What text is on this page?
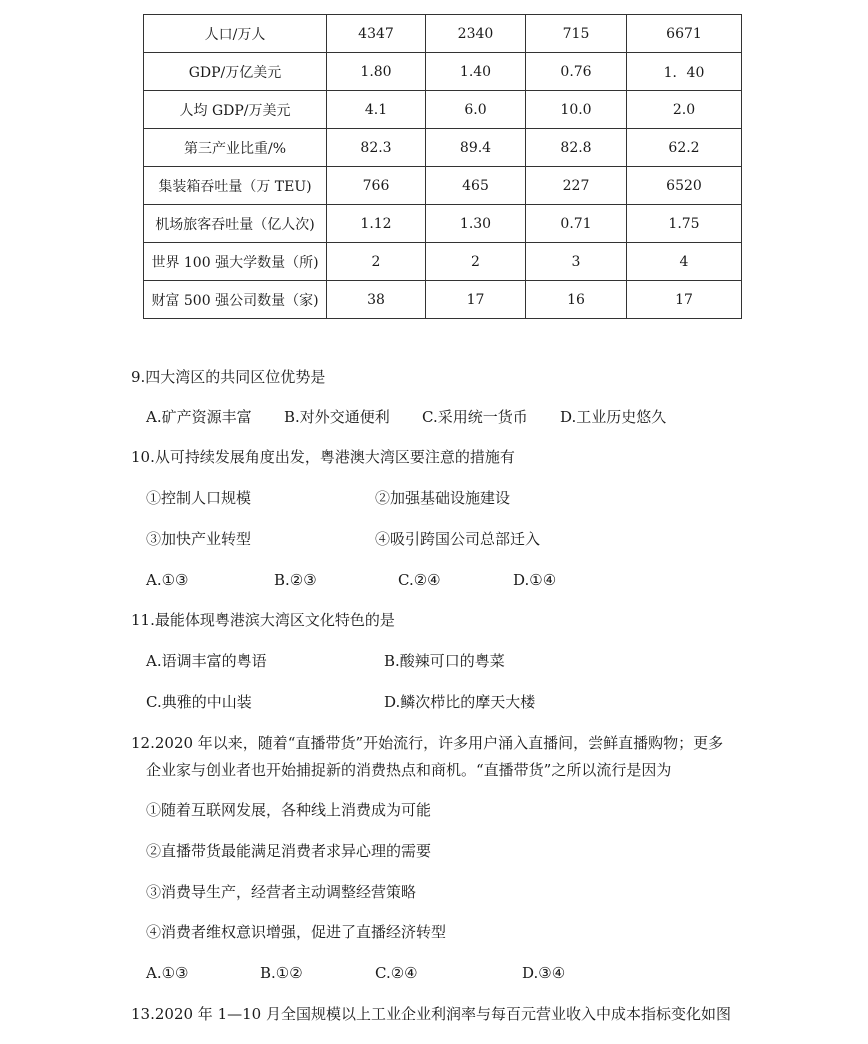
人口/万人	4347	2340	715	6671
GDP/万亿美元	1.80	1.40	0.76	1．40
人均 GDP/万美元	4.1	6.0	10.0	2.0
第三产业比重/%	82.3	89.4	82.8	62.2
集装箱吞吐量（万 TEU)	766	465	227	6520
机场旅客吞吐量（亿人次)	1.12	1.30	0.71	1.75
世界 100 强大学数量（所)	2	2	3	4
财富 500 强公司数量（家)	38	17	16	17
9.四大湾区的共同区位优势是
A.矿产资源丰富 B.对外交通便利 C.采用统一货币 D.工业历史悠久
10.从可持续发展角度出发，粤港澳大湾区要注意的措施有
①控制人口规模	②加强基础设施建设
③加快产业转型	④吸引跨国公司总部迁入
A.①③	B.②③	C.②④	D.①④
11.最能体现粤港滨大湾区文化特色的是
A.语调丰富的粤语	B.酸辣可口的粤菜
C.典雅的中山装	D.鳞次栉比的摩天大楼
12.2020 年以来，随着“直播带货”开始流行，许多用户涌入直播间，尝鲜直播购物；更多
企业家与创业者也开始捕捉新的消费热点和商机。“直播带货”之所以流行是因为
①随着互联网发展，各种线上消费成为可能
②直播带货最能满足消费者求异心理的需要
③消费导生产，经营者主动调整经营策略
④消费者维权意识增强，促进了直播经济转型
A.①③	B.①②	C.②④	D.③④
13.2020 年 1—10 月全国规模以上工业企业利润率与每百元营业收入中成本指标变化如图
